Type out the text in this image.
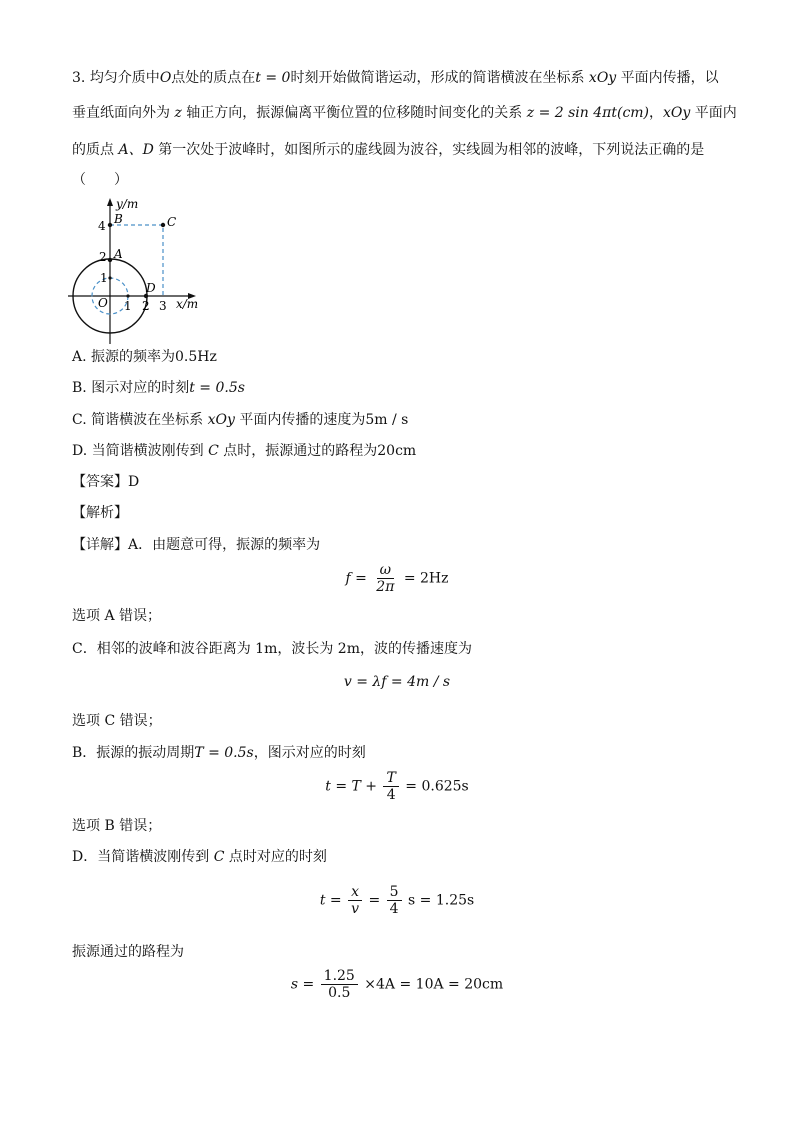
3. 均匀介质中O点处的质点在t = 0时刻开始做简谐运动，形成的简谐横波在坐标系 xOy 平面内传播，以
垂直纸面向外为 z 轴正方向，振源偏离平衡位置的位移随时间变化的关系 z = 2 sin 4πt(cm)，xOy 平面内
的质点 A、D 第一次处于波峰时，如图所示的虚线圆为波谷，实线圆为相邻的波峰，下列说法正确的是
（　　）
y/m
x/m
4
2
1
1 2 3
O
B	C
A
D
A. 振源的频率为0.5Hz
B. 图示对应的时刻t = 0.5s
C. 简谐横波在坐标系 xOy 平面内传播的速度为5m / s
D. 当简谐横波刚传到 C 点时，振源通过的路程为20cm
【答案】D
【解析】
【详解】A．由题意可得，振源的频率为
$f = \frac{\omega}{2\pi} = 2Hz$
选项 A 错误；
C．相邻的波峰和波谷距离为 1m，波长为 2m，波的传播速度为
v = λf = 4m / s
选项 C 错误；
B．振源的振动周期T = 0.5s，图示对应的时刻
$t = T + \frac{T}{4} = 0.625s$
选项 B 错误；
D．当简谐横波刚传到 C 点时对应的时刻
$t = \frac{x}{v} = \frac{5}{4}$ s = 1.25s
振源通过的路程为
$s = \frac{1.25}{0.5} \times 4A = 10A = 20cm$
